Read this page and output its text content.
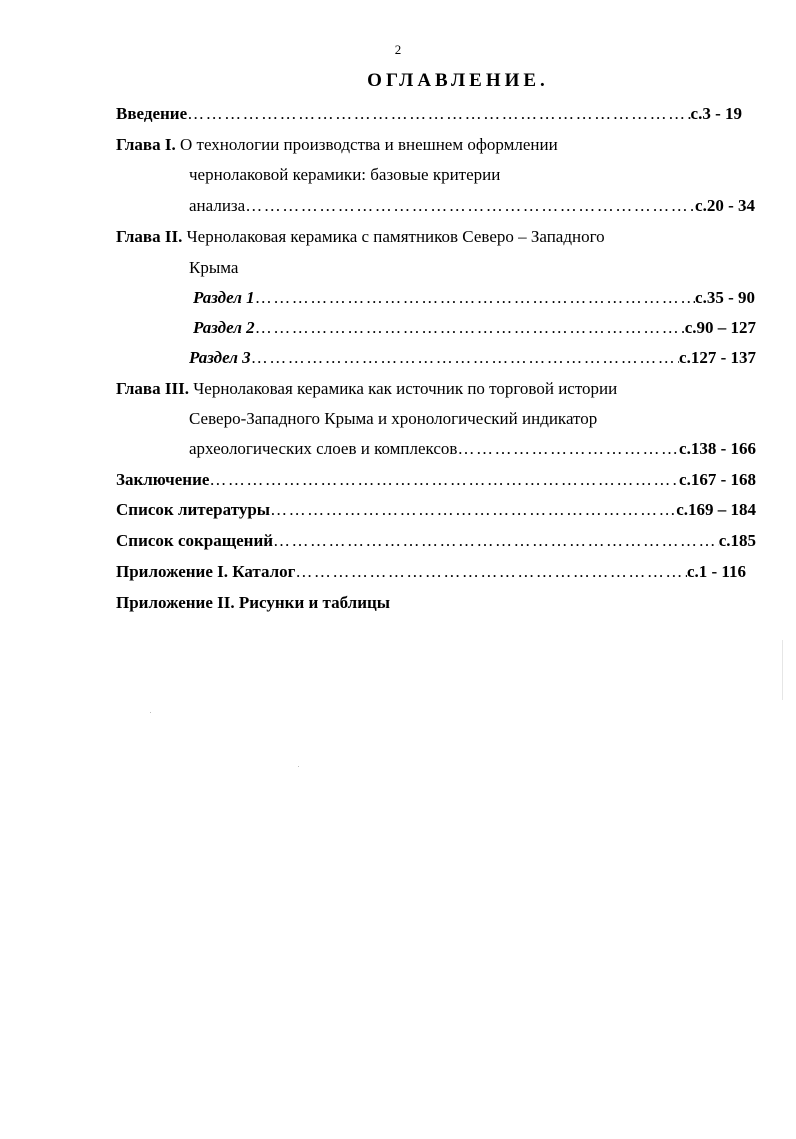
2
ОГЛАВЛЕНИЕ.
Введение ……………………………………………………………………………………………………………………………………………………………………………	с.3 - 19
Глава I. О технологии производства и внешнем оформлении
чернолаковой керамики: базовые критерии
анализа ……………………………………………………………………………………………………………………………………………………………………………	с.20 - 34
Глава II. Чернолаковая керамика с памятников Северо – Западного
Крыма
Раздел 1 ……………………………………………………………………………………………………………………………………………………………………………	с.35 - 90
Раздел 2 ……………………………………………………………………………………………………………………………………………………………………………	с.90 – 127
Раздел 3 ……………………………………………………………………………………………………………………………………………………………………………	с.127 - 137
Глава III. Чернолаковая керамика как источник по торговой истории
Северо-Западного Крыма и хронологический индикатор
археологических слоев и комплексов ……………………………………………………………………………………………………………………………………………………………………………	с.138 - 166
Заключение ……………………………………………………………………………………………………………………………………………………………………………	с.167 - 168
Список литературы ……………………………………………………………………………………………………………………………………………………………………………	с.169 – 184
Список сокращений ……………………………………………………………………………………………………………………………………………………………………………	с.185
Приложение I. Каталог ……………………………………………………………………………………………………………………………………………………………………………	с.1 - 116
Приложение II. Рисунки и таблицы
